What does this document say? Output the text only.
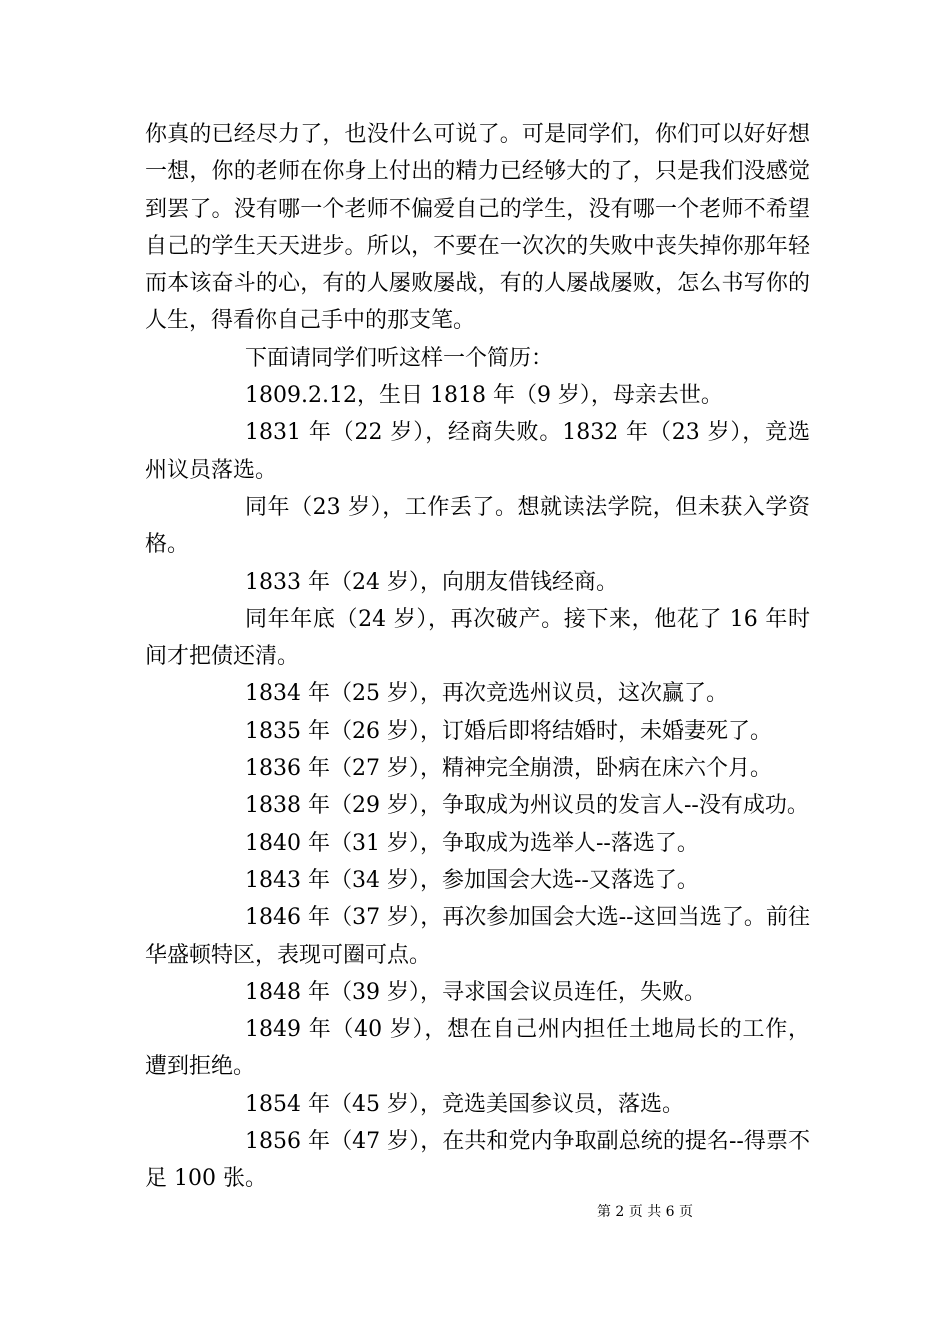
你真的已经尽力了，也没什么可说了。可是同学们，你们可以好好想一想，你的老师在你身上付出的精力已经够大的了，只是我们没感觉到罢了。没有哪一个老师不偏爱自己的学生，没有哪一个老师不希望自己的学生天天进步。所以，不要在一次次的失败中丧失掉你那年轻而本该奋斗的心，有的人屡败屡战，有的人屡战屡败，怎么书写你的人生，得看你自己手中的那支笔。

下面请同学们听这样一个简历：

1809.2.12，生日 1818 年（9 岁），母亲去世。

1831 年（22 岁），经商失败。1832 年（23 岁），竞选州议员落选。

同年（23 岁），工作丢了。想就读法学院，但未获入学资格。

1833 年（24 岁），向朋友借钱经商。

同年年底（24 岁），再次破产。接下来，他花了 16 年时间才把债还清。

1834 年（25 岁），再次竞选州议员，这次赢了。

1835 年（26 岁），订婚后即将结婚时，未婚妻死了。

1836 年（27 岁），精神完全崩溃，卧病在床六个月。

1838 年（29 岁），争取成为州议员的发言人--没有成功。

1840 年（31 岁），争取成为选举人--落选了。

1843 年（34 岁），参加国会大选--又落选了。

1846 年（37 岁），再次参加国会大选--这回当选了。前往华盛顿特区，表现可圈可点。

1848 年（39 岁），寻求国会议员连任，失败。

1849 年（40 岁），想在自己州内担任土地局长的工作，遭到拒绝。

1854 年（45 岁），竞选美国参议员，落选。

1856 年（47 岁），在共和党内争取副总统的提名--得票不足 100 张。

第 2 页 共 6 页
